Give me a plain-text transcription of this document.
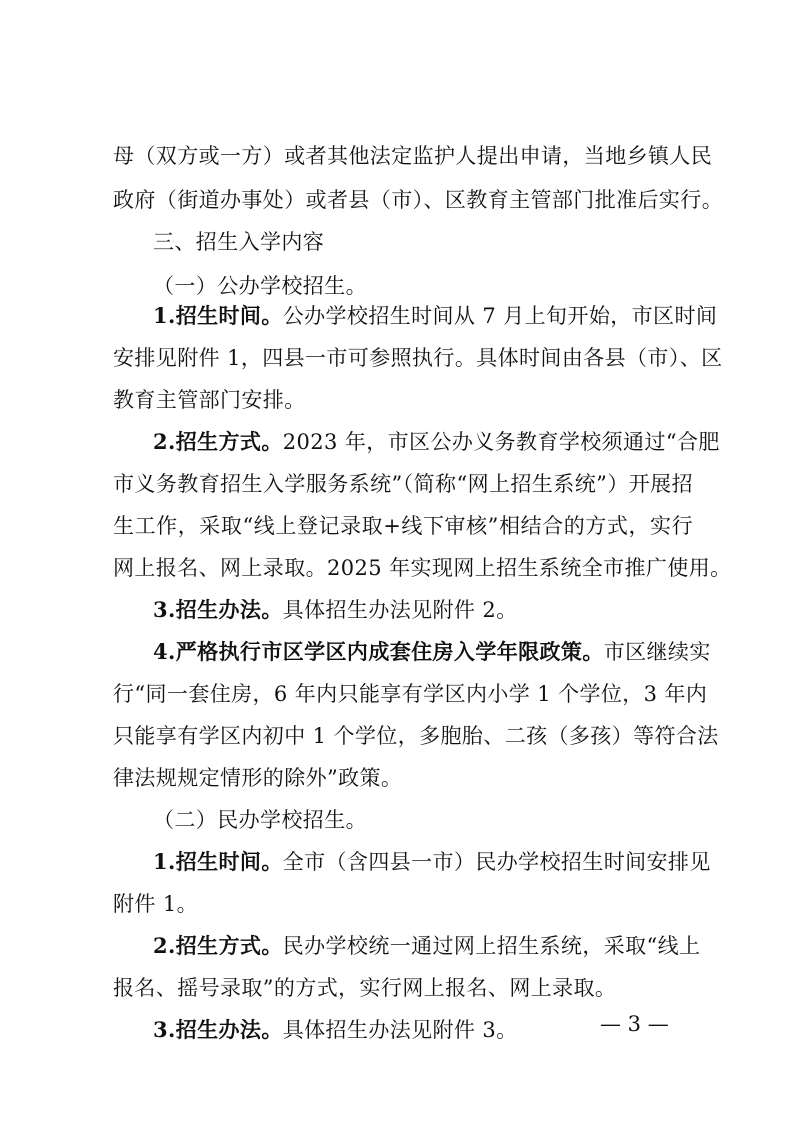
母（双方或一方）或者其他法定监护人提出申请，当地乡镇人民
政府（街道办事处）或者县（市）、区教育主管部门批准后实行。
三、招生入学内容
（一）公办学校招生。
1.招生时间。公办学校招生时间从 7 月上旬开始，市区时间
安排见附件 1，四县一市可参照执行。具体时间由各县（市）、区
教育主管部门安排。
2.招生方式。2023 年，市区公办义务教育学校须通过“合肥
市义务教育招生入学服务系统”（简称“网上招生系统”）开展招
生工作，采取“线上登记录取+线下审核”相结合的方式，实行
网上报名、网上录取。2025 年实现网上招生系统全市推广使用。
3.招生办法。具体招生办法见附件 2。
4.严格执行市区学区内成套住房入学年限政策。市区继续实
行“同一套住房，6 年内只能享有学区内小学 1 个学位，3 年内
只能享有学区内初中 1 个学位，多胞胎、二孩（多孩）等符合法
律法规规定情形的除外”政策。
（二）民办学校招生。
1.招生时间。全市（含四县一市）民办学校招生时间安排见
附件 1。
2.招生方式。民办学校统一通过网上招生系统，采取“线上
报名、摇号录取”的方式，实行网上报名、网上录取。
3.招生办法。具体招生办法见附件 3。	— 3 —
